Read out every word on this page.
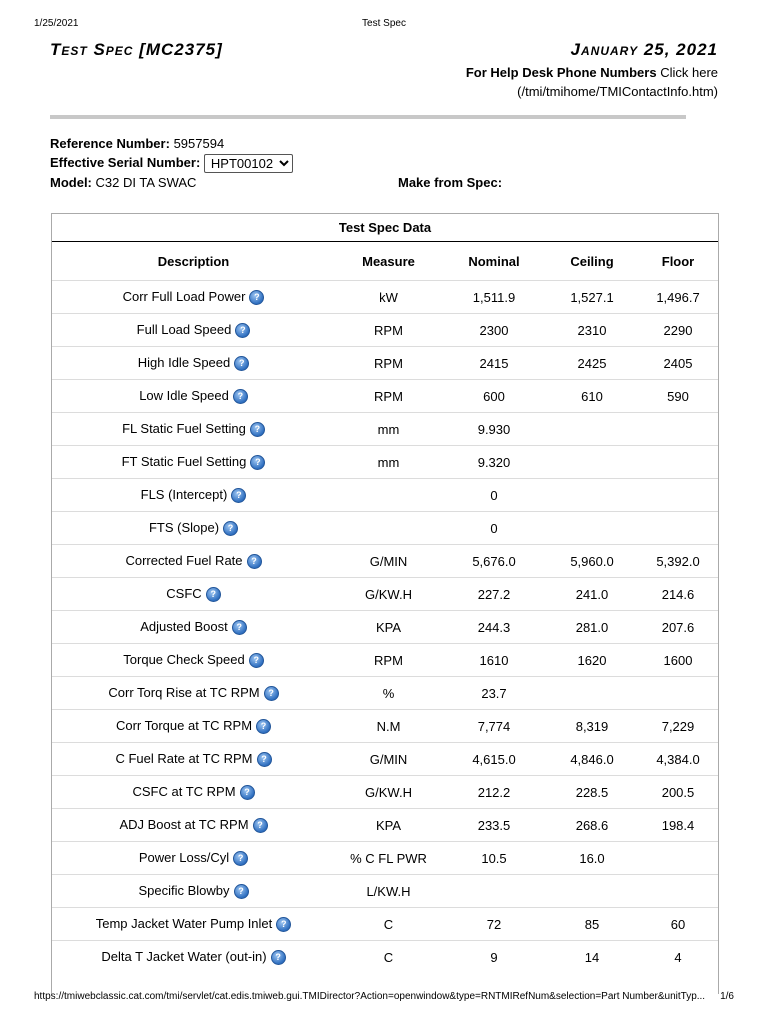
1/25/2021	Test Spec
Test Spec [MC2375]	January 25, 2021
For Help Desk Phone Numbers Click here
(/tmi/tmihome/TMIContactInfo.htm)
Reference Number: 5957594
Effective Serial Number:
HPT00102
Model: C32 DI TA SWAC	Make from Spec:
Test Spec Data
Description	Measure	Nominal	Ceiling	Floor
Corr Full Load Power ?	kW	1,511.9	1,527.1	1,496.7
Full Load Speed ?	RPM	2300	2310	2290
High Idle Speed ?	RPM	2415	2425	2405
Low Idle Speed ?	RPM	600	610	590
FL Static Fuel Setting ?	mm	9.930		
FT Static Fuel Setting ?	mm	9.320		
FLS (Intercept) ?		0		
FTS (Slope) ?		0		
Corrected Fuel Rate ?	G/MIN	5,676.0	5,960.0	5,392.0
CSFC ?	G/KW.H	227.2	241.0	214.6
Adjusted Boost ?	KPA	244.3	281.0	207.6
Torque Check Speed ?	RPM	1610	1620	1600
Corr Torq Rise at TC RPM ?	%	23.7		
Corr Torque at TC RPM ?	N.M	7,774	8,319	7,229
C Fuel Rate at TC RPM ?	G/MIN	4,615.0	4,846.0	4,384.0
CSFC at TC RPM ?	G/KW.H	212.2	228.5	200.5
ADJ Boost at TC RPM ?	KPA	233.5	268.6	198.4
Power Loss/Cyl ?	% C FL PWR	10.5	16.0	
Specific Blowby ?	L/KW.H			
Temp Jacket Water Pump Inlet ?	C	72	85	60
Delta T Jacket Water (out-in) ?	C	9	14	4
https://tmiwebclassic.cat.com/tmi/servlet/cat.edis.tmiweb.gui.TMIDirector?Action=openwindow&type=RNTMIRefNum&selection=Part Number&unitTyp...	1/6
